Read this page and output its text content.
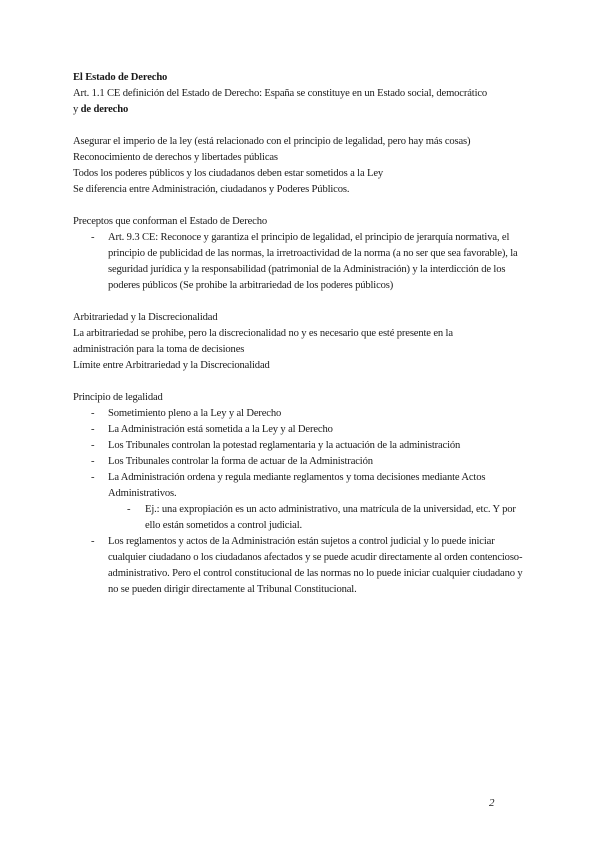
El Estado de Derecho
Art. 1.1 CE definición del Estado de Derecho: España se constituye en un Estado social, democrático
y de derecho
Asegurar el imperio de la ley (está relacionado con el principio de legalidad, pero hay más cosas)
Reconocimiento de derechos y libertades públicas
Todos los poderes públicos y los ciudadanos deben estar sometidos a la Ley
Se diferencia entre Administración, ciudadanos y Poderes Públicos.
Preceptos que conforman el Estado de Derecho
- Art. 9.3 CE: Reconoce y garantiza el principio de legalidad, el principio de jerarquía normativa, el principio de publicidad de las normas, la irretroactividad de la norma (a no ser que sea favorable), la seguridad jurídica y la responsabilidad (patrimonial de la Administración) y la interdicción de los poderes públicos (Se prohibe la arbitrariedad de los poderes públicos)
Arbitrariedad y la Discrecionalidad
La arbitrariedad se prohibe, pero la discrecionalidad no y es necesario que esté presente en la
administración para la toma de decisiones
Límite entre Arbitrariedad y la Discrecionalidad
Principio de legalidad
- Sometimiento pleno a la Ley y al Derecho
- La Administración está sometida a la Ley y al Derecho
- Los Tribunales controlan la potestad reglamentaria y la actuación de la administración
- Los Tribunales controlar la forma de actuar de la Administración
- La Administración ordena y regula mediante reglamentos y toma decisiones mediante Actos Administrativos.
- Ej.: una expropiación es un acto administrativo, una matrícula de la universidad, etc. Y por ello están sometidos a control judicial.
- Los reglamentos y actos de la Administración están sujetos a control judicial y lo puede iniciar cualquier ciudadano o los ciudadanos afectados y se puede acudir directamente al orden contencioso-administrativo. Pero el control constitucional de las normas no lo puede iniciar cualquier ciudadano y no se pueden dirigir directamente al Tribunal Constitucional.
2
